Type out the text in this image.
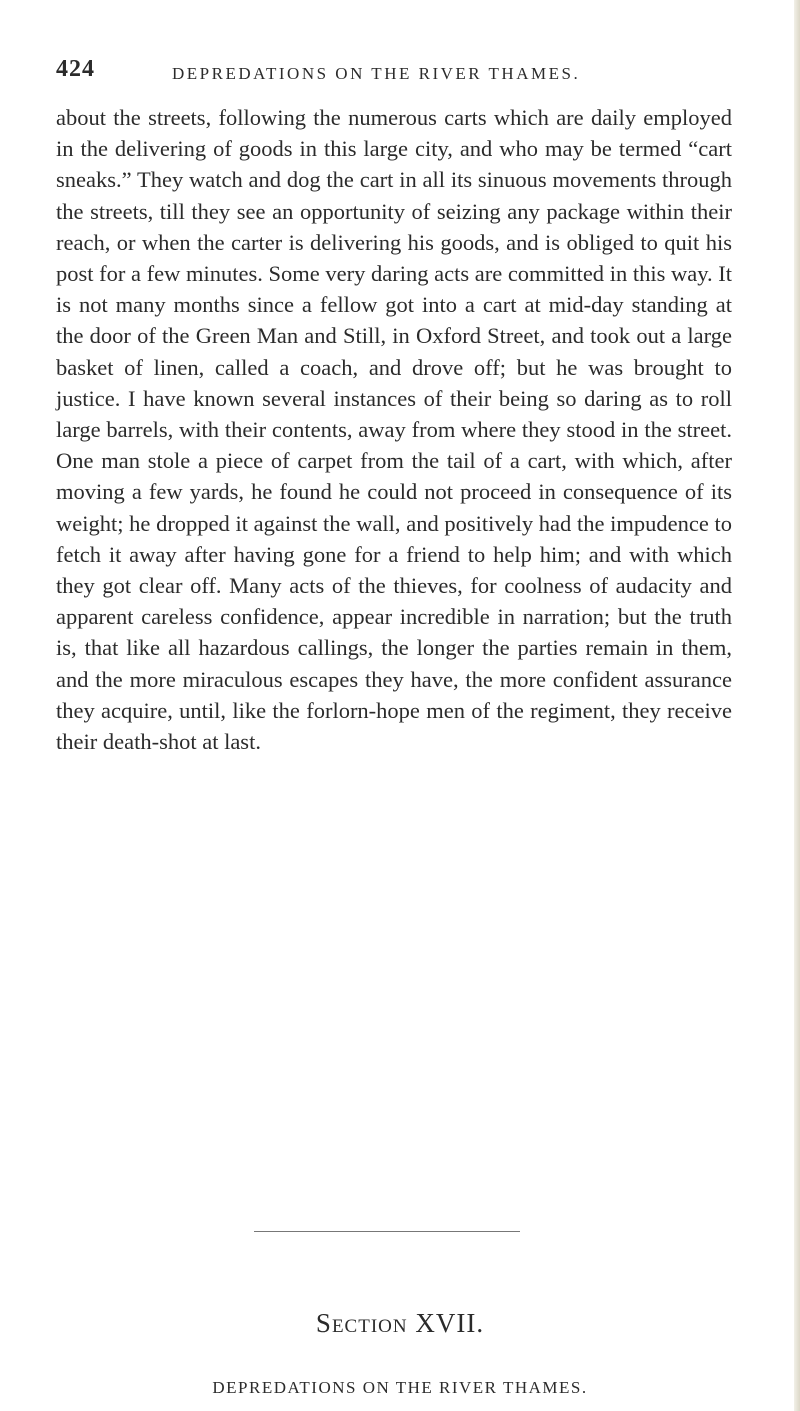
424	DEPREDATIONS ON THE RIVER THAMES.

about the streets, following the numerous carts which are daily employed in the delivering of goods in this large city, and who may be termed “cart sneaks.” They watch and dog the cart in all its sinuous movements through the streets, till they see an opportunity of seizing any package within their reach, or when the carter is delivering his goods, and is obliged to quit his post for a few minutes. Some very daring acts are committed in this way. It is not many months since a fellow got into a cart at mid-day standing at the door of the Green Man and Still, in Oxford Street, and took out a large basket of linen, called a coach, and drove off; but he was brought to justice. I have known several instances of their being so daring as to roll large barrels, with their contents, away from where they stood in the street. One man stole a piece of carpet from the tail of a cart, with which, after moving a few yards, he found he could not proceed in consequence of its weight; he dropped it against the wall, and positively had the impudence to fetch it away after having gone for a friend to help him; and with which they got clear off. Many acts of the thieves, for coolness of audacity and apparent careless confidence, appear incredible in narration; but the truth is, that like all hazardous callings, the longer the parties remain in them, and the more miraculous escapes they have, the more confident assurance they acquire, until, like the forlorn-hope men of the regiment, they receive their death-shot at last.

Section XVII.
DEPREDATIONS ON THE RIVER THAMES.
